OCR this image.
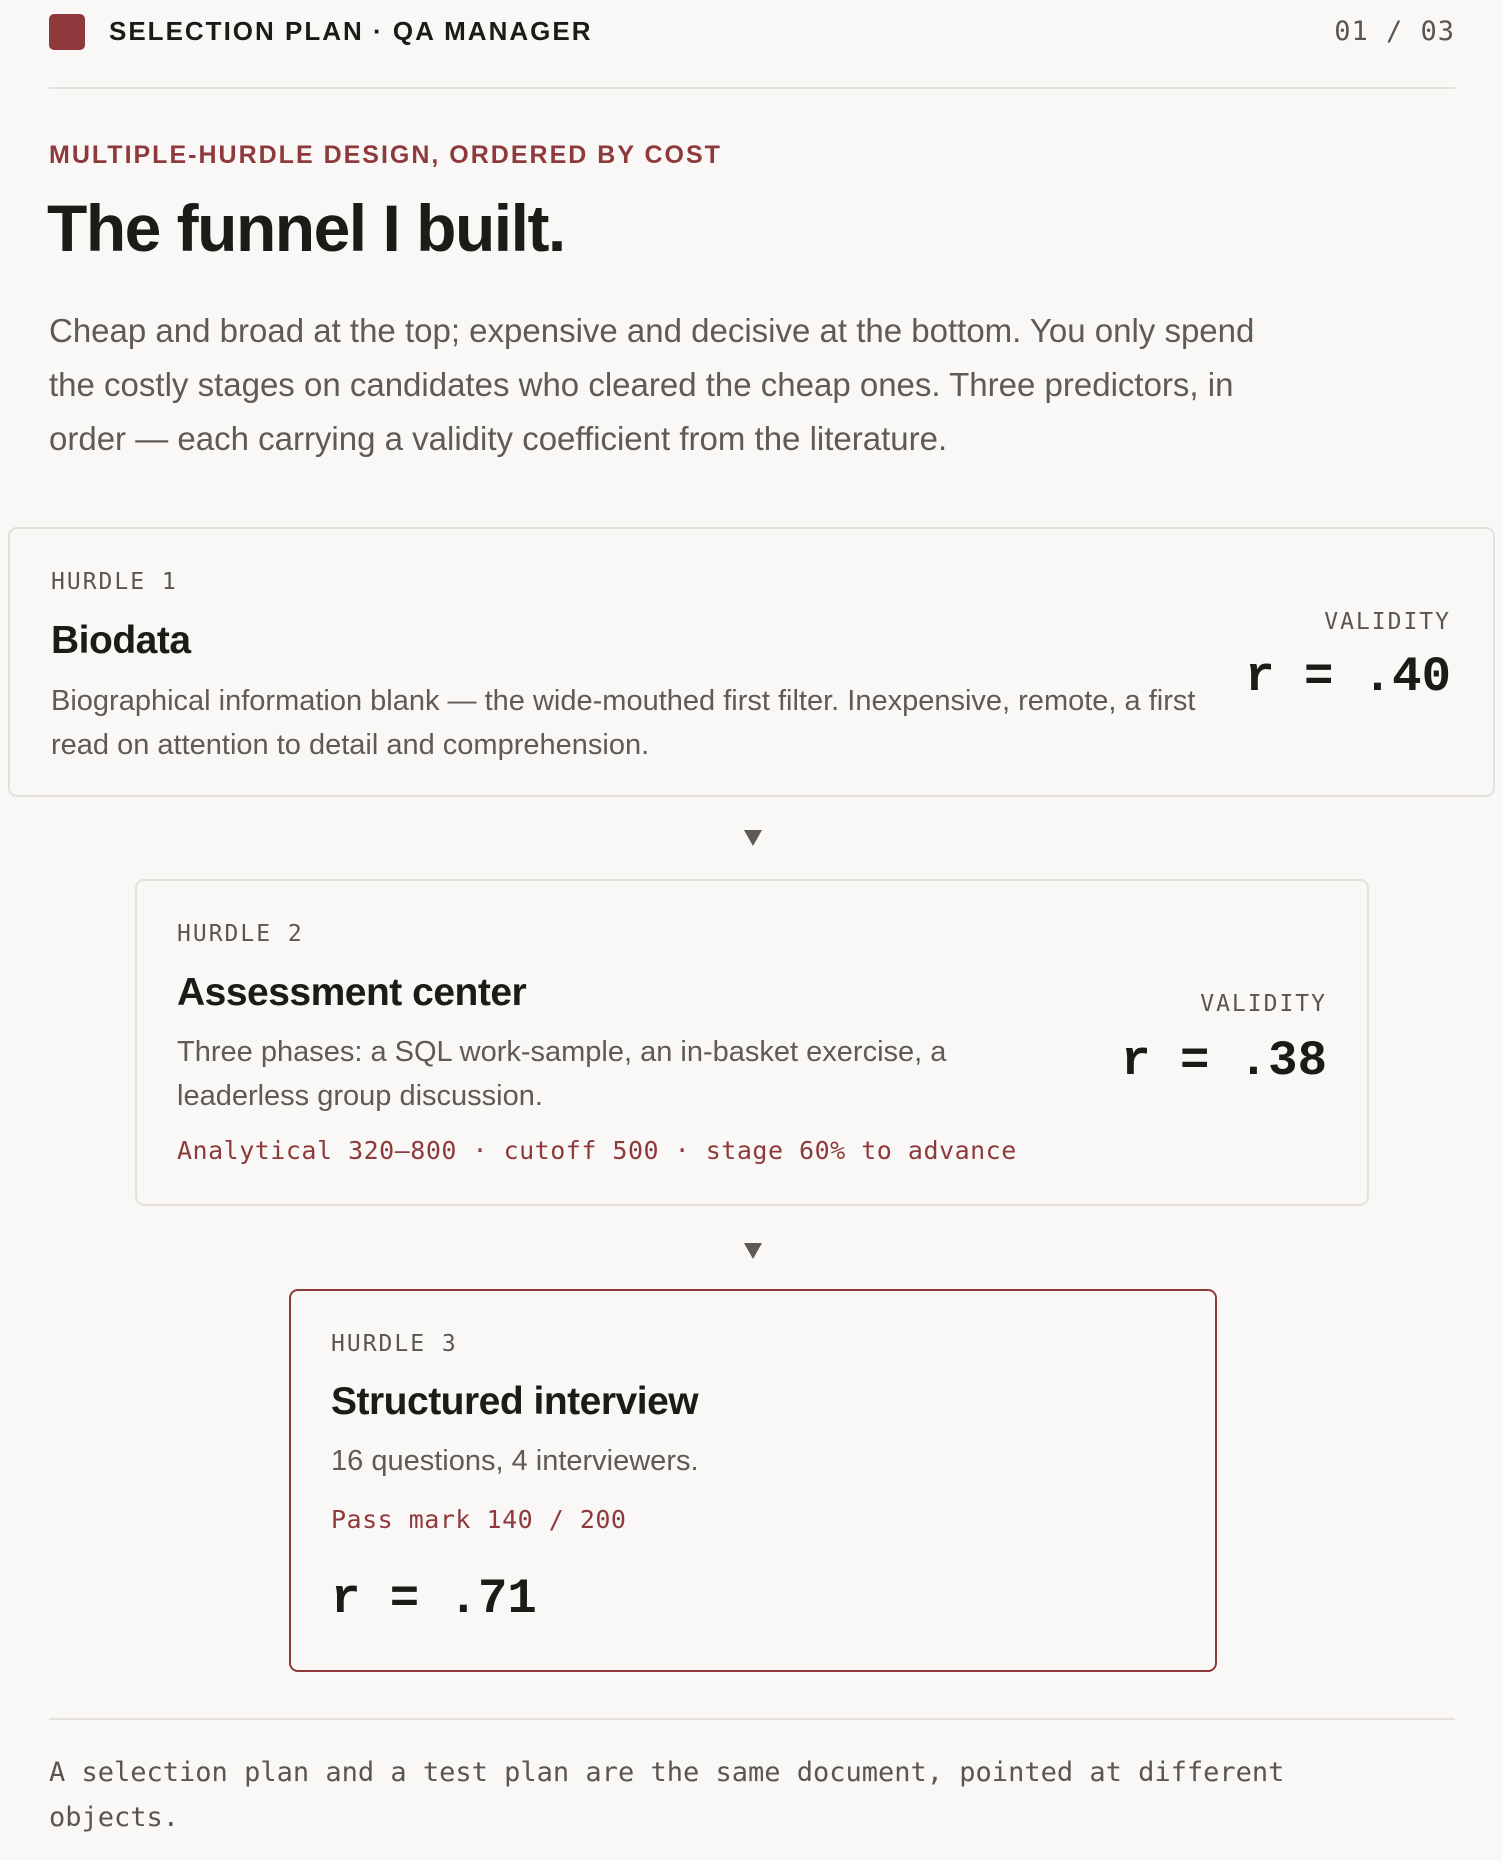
SELECTION PLAN · QA MANAGER	01 / 03
MULTIPLE-HURDLE DESIGN, ORDERED BY COST
The funnel I built.

Cheap and broad at the top; expensive and decisive at the bottom. You only spend the costly stages on candidates who cleared the cheap ones. Three predictors, in order — each carrying a validity coefficient from the literature.

HURDLE 1
Biodata

Biographical information blank — the wide-mouthed first filter. Inexpensive, remote, a first read on attention to detail and comprehension.

VALIDITY
r = .40
HURDLE 2
Assessment center

Three phases: a SQL work-sample, an in-basket exercise, a leaderless group discussion.

Analytical 320–800 · cutoff 500 · stage 60% to advance
VALIDITY
r = .38
HURDLE 3
Structured interview

16 questions, 4 interviewers.

Pass mark 140 / 200
r = .71

A selection plan and a test plan are the same document, pointed at different objects.
